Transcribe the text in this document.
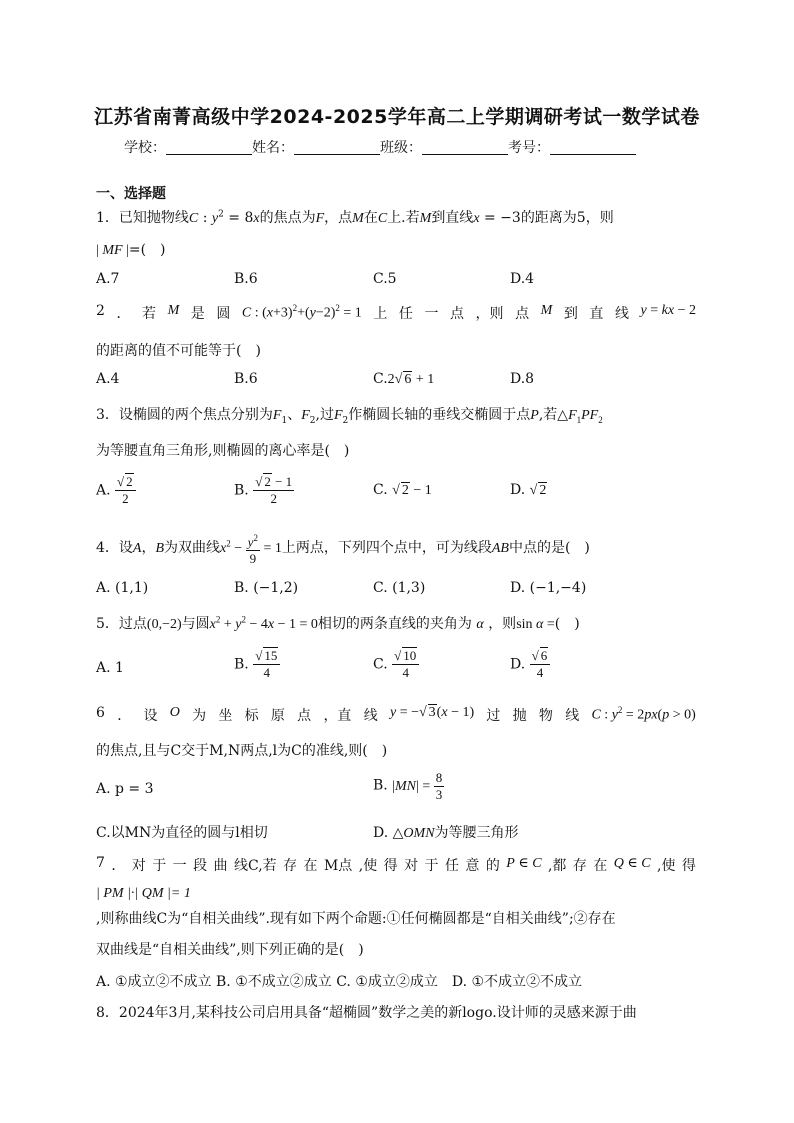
江苏省南菁高级中学2024-2025学年高二上学期调研考试一数学试卷
学校：	姓名：	班级：	考号：
一、选择题
1．已知抛物线C : $y^2 = 8x$的焦点为F，点M在C上.若M到直线x = −3的距离为5，则
| MF |=(　)
A.7	B.6	C.5	D.4
2 ． 若 M 是 圆 C : $(x+3)^2+(y-2)^2 = 1$ 上 任 一 点 ，则 点 M 到 直 线 y = kx − 2
的距离的值不可能等于(　)
A.4	B.6	C.2√ 6 + 1	D.8
3．设椭圆的两个焦点分别为$F_1$、$F_2$,过$F_2$作椭圆长轴的垂线交椭圆于点P,若$\triangle F_1PF_2$
为等腰直角三角形,则椭圆的离心率是(　)
A. $\frac{√ 2}{2}$	B. $\frac{√ 2 - 1}{2}$	C. √ 2 − 1	D. √ 2
4．设A，B为双曲线$x^2 - \frac{y^2}{9} = 1$上两点，下列四个点中，可为线段AB中点的是(　)
A. (1,1)	B. (−1,2)	C. (1,3)	D. (−1,−4)
5．过点(0,−2)与圆$x^2 + y^2 - 4x - 1 = 0$相切的两条直线的夹角为 α ，则sin α =(　)
A. 1	B. $\frac{√ 15}{4}$	C. $\frac{√ 10}{4}$	D. $\frac{√ 6}{4}$
6 ． 设 O 为 坐 标 原 点 ，直 线 y = −√ 3(x − 1) 过 抛 物 线 C : $y^2 = 2px(p > 0)$
的焦点,且与C交于M,N两点,l为C的准线,则(　)
A. p = 3	B. $|MN| = \frac{8}{3}$
C.以MN为直径的圆与l相切	D. △OMN为等腰三角形
7 ． 对 于 一 段 曲 线C,若 存 在 M点 ,使 得 对 于 任 意 的 P ∈ C ,都 存 在 Q ∈ C ,使 得
| PM |·| QM |= 1
,则称曲线C为“自相关曲线”.现有如下两个命题:①任何椭圆都是“自相关曲线”;②存在
双曲线是“自相关曲线”,则下列正确的是(　)
A. ①成立②不成立 B. ①不成立②成立 C. ①成立②成立　D. ①不成立②不成立
8．2024年3月,某科技公司启用具备“超椭圆”数学之美的新logo.设计师的灵感来源于曲
